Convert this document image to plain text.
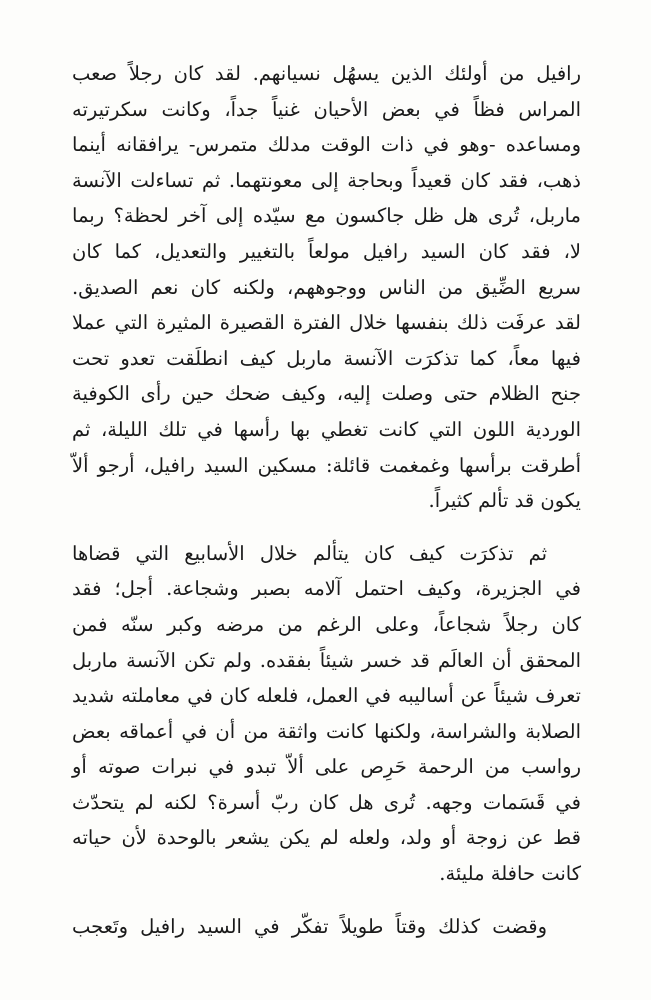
رافيل من أولئك الذين يسهُل نسيانهم. لقد كان رجلاً صعب
المراس فظاً في بعض الأحيان غنياً جداً، وكانت سكرتيرته
ومساعده -وهو في ذات الوقت مدلك متمرس- يرافقانه أينما
ذهب، فقد كان قعيداً وبحاجة إلى معونتهما. ثم تساءلت الآنسة
ماربل، تُرى هل ظل جاكسون مع سيّده إلى آخر لحظة؟ ربما
لا، فقد كان السيد رافيل مولعاً بالتغيير والتعديل، كما كان
سريع الضِّيق من الناس ووجوههم، ولكنه كان نعم الصديق.
لقد عرفَت ذلك بنفسها خلال الفترة القصيرة المثيرة التي عملا
فيها معاً، كما تذكرَت الآنسة ماربل كيف انطلَقت تعدو تحت
جنح الظلام حتى وصلت إليه، وكيف ضحك حين رأى الكوفية
الوردية اللون التي كانت تغطي بها رأسها في تلك الليلة، ثم
أطرقت برأسها وغمغمت قائلة: مسكين السيد رافيل، أرجو ألاّ
يكون قد تألم كثيراً.
ثم تذكرَت كيف كان يتألم خلال الأسابيع التي قضاها
في الجزيرة، وكيف احتمل آلامه بصبر وشجاعة. أجل؛ فقد
كان رجلاً شجاعاً، وعلى الرغم من مرضه وكبر سنّه فمن
المحقق أن العالَم قد خسر شيئاً بفقده. ولم تكن الآنسة ماربل
تعرف شيئاً عن أساليبه في العمل، فلعله كان في معاملته شديد
الصلابة والشراسة، ولكنها كانت واثقة من أن في أعماقه بعض
رواسب من الرحمة حَرِص على ألاّ تبدو في نبرات صوته أو
في قَسَمات وجهه. تُرى هل كان ربّ أسرة؟ لكنه لم يتحدّث
قط عن زوجة أو ولد، ولعله لم يكن يشعر بالوحدة لأن حياته
كانت حافلة مليئة.
وقضت كذلك وقتاً طويلاً تفكّر في السيد رافيل وتَعجب
